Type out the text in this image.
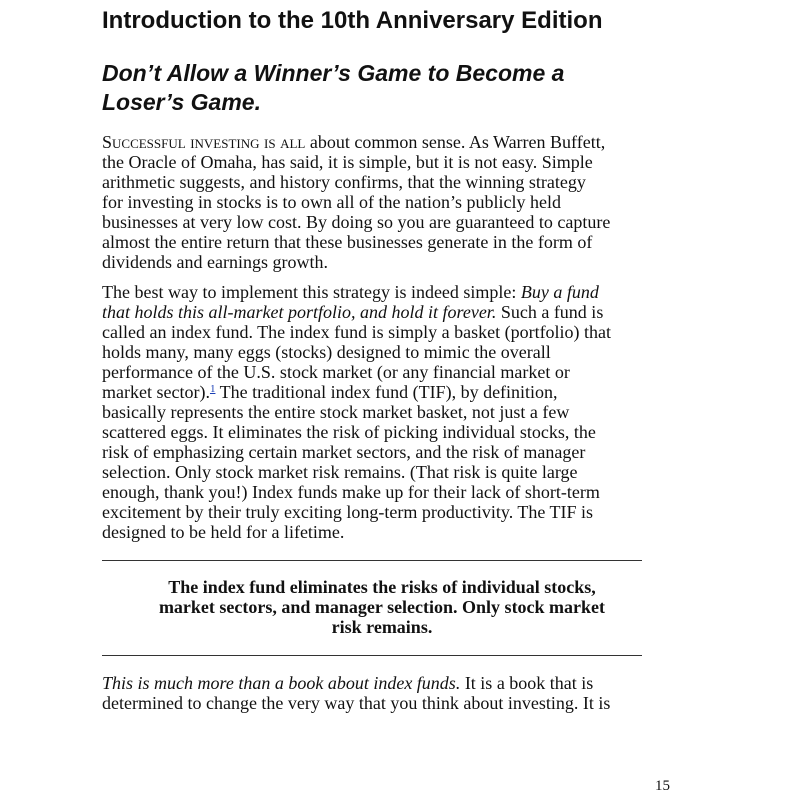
Introduction to the 10th Anniversary Edition
Don’t Allow a Winner’s Game to Become a
Loser’s Game.

Successful investing is all about common sense. As Warren Buffett,
the Oracle of Omaha, has said, it is simple, but it is not easy. Simple
arithmetic suggests, and history confirms, that the winning strategy
for investing in stocks is to own all of the nation’s publicly held
businesses at very low cost. By doing so you are guaranteed to capture
almost the entire return that these businesses generate in the form of
dividends and earnings growth.

The best way to implement this strategy is indeed simple: Buy a fund
that holds this all-market portfolio, and hold it forever. Such a fund is
called an index fund. The index fund is simply a basket (portfolio) that
holds many, many eggs (stocks) designed to mimic the overall
performance of the U.S. stock market (or any financial market or
market sector).$^1$ The traditional index fund (TIF), by definition,
basically represents the entire stock market basket, not just a few
scattered eggs. It eliminates the risk of picking individual stocks, the
risk of emphasizing certain market sectors, and the risk of manager
selection. Only stock market risk remains. (That risk is quite large
enough, thank you!) Index funds make up for their lack of short-term
excitement by their truly exciting long-term productivity. The TIF is
designed to be held for a lifetime.

The index fund eliminates the risks of individual stocks,
market sectors, and manager selection. Only stock market
risk remains.

This is much more than a book about index funds. It is a book that is
determined to change the very way that you think about investing. It is

15
